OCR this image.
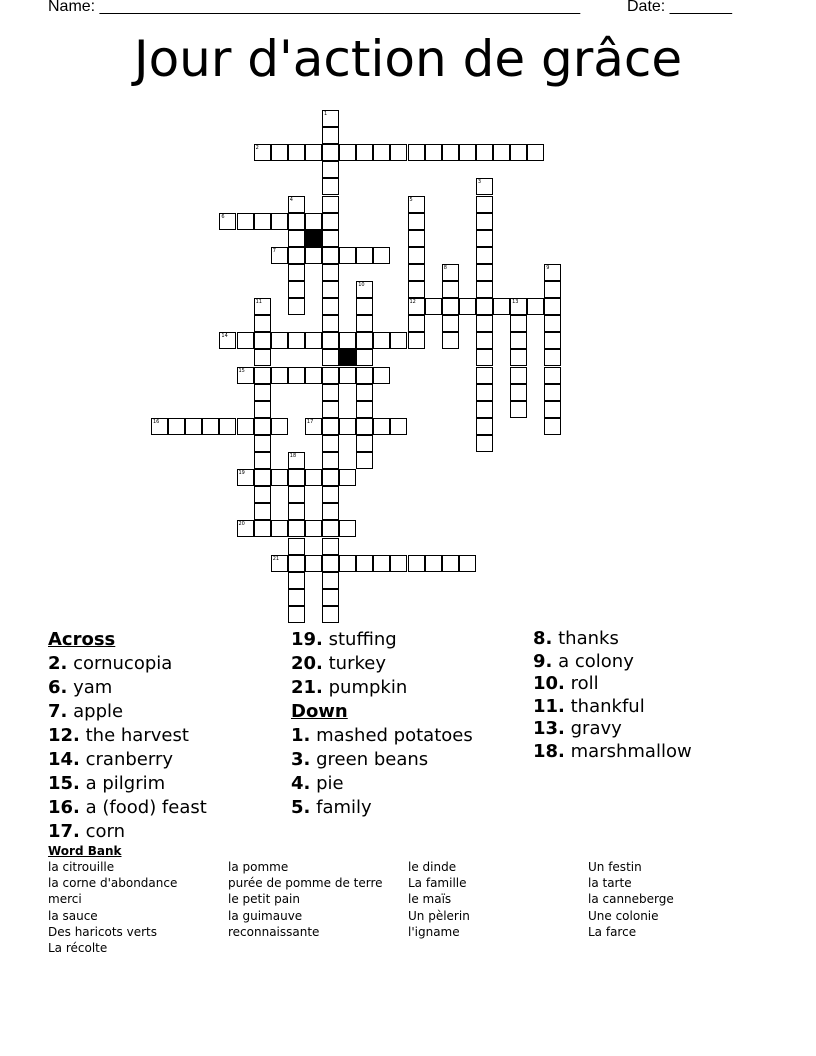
Name: ______________________________________________________	Date: _______
Jour d'action de grâce
1
2
3
4	5
12
6
7
8	9
10
11	13
14
15
16	17
18
19
20
21
Across
2. cornucopia
6. yam
7. apple
12. the harvest
14. cranberry
15. a pilgrim
16. a (food) feast
17. corn
19. stuffing
20. turkey
21. pumpkin
Down
1. mashed potatoes
3. green beans
4. pie
5. family
8. thanks
9. a colony
10. roll
11. thankful
13. gravy
18. marshmallow
Word Bank
la citrouille
la corne d'abondance
merci
la sauce
Des haricots verts
La récolte
la pomme
purée de pomme de terre
le petit pain
la guimauve
reconnaissante
le dinde
La famille
le maïs
Un pèlerin
l'igname
Un festin
la tarte
la canneberge
Une colonie
La farce
